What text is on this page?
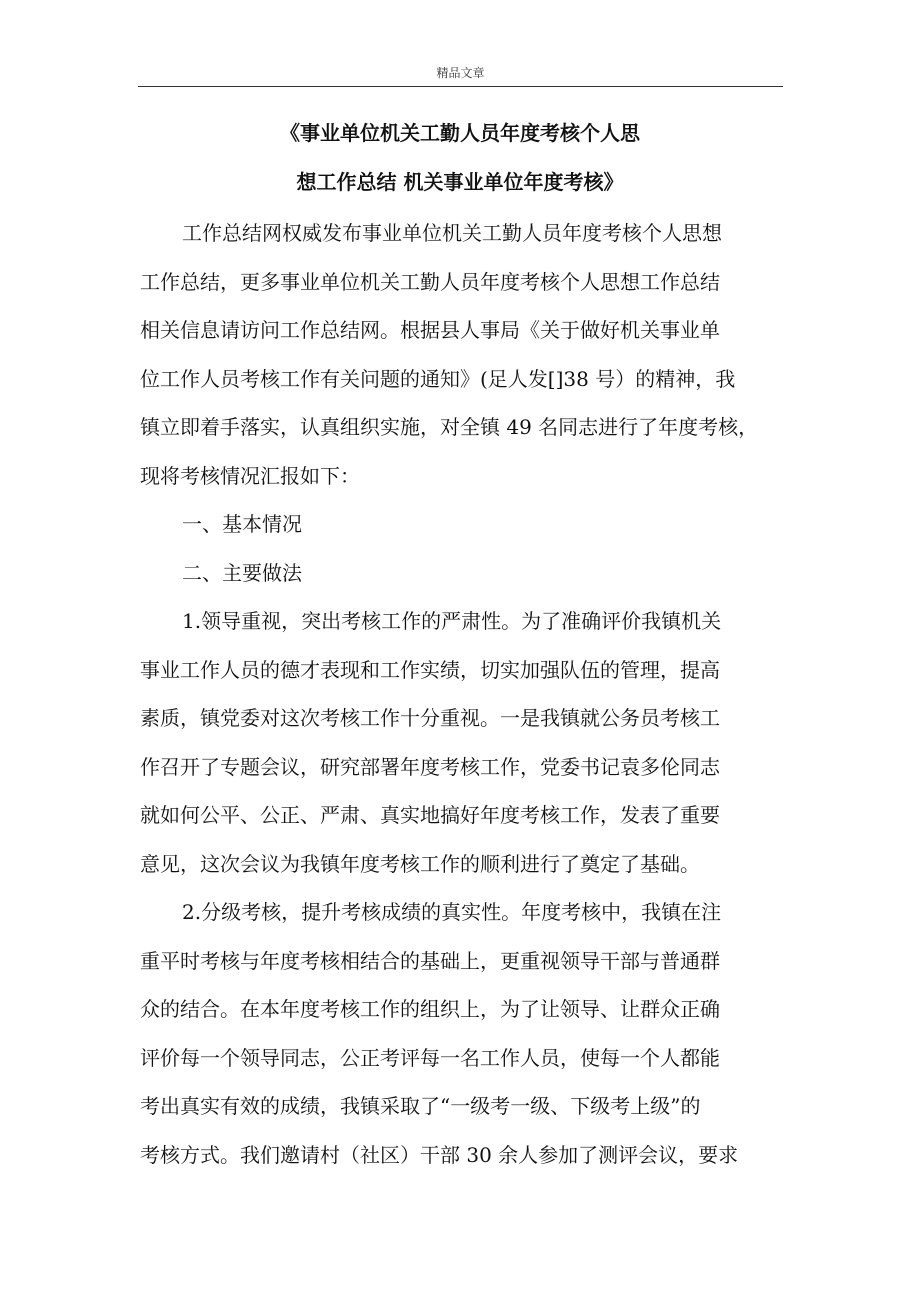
精品文章
《事业单位机关工勤人员年度考核个人思
想工作总结 机关事业单位年度考核》
工作总结网权威发布事业单位机关工勤人员年度考核个人思想
工作总结，更多事业单位机关工勤人员年度考核个人思想工作总结
相关信息请访问工作总结网。根据县人事局《关于做好机关事业单
位工作人员考核工作有关问题的通知》(足人发[]38 号）的精神，我
镇立即着手落实，认真组织实施，对全镇 49 名同志进行了年度考核，
现将考核情况汇报如下：
一、基本情况
二、主要做法
1.领导重视，突出考核工作的严肃性。为了准确评价我镇机关
事业工作人员的德才表现和工作实绩，切实加强队伍的管理，提高
素质，镇党委对这次考核工作十分重视。一是我镇就公务员考核工
作召开了专题会议，研究部署年度考核工作，党委书记袁多伦同志
就如何公平、公正、严肃、真实地搞好年度考核工作，发表了重要
意见，这次会议为我镇年度考核工作的顺利进行了奠定了基础。
2.分级考核，提升考核成绩的真实性。年度考核中，我镇在注
重平时考核与年度考核相结合的基础上，更重视领导干部与普通群
众的结合。在本年度考核工作的组织上，为了让领导、让群众正确
评价每一个领导同志，公正考评每一名工作人员，使每一个人都能
考出真实有效的成绩，我镇采取了“一级考一级、下级考上级”的
考核方式。我们邀请村（社区）干部 30 余人参加了测评会议，要求
